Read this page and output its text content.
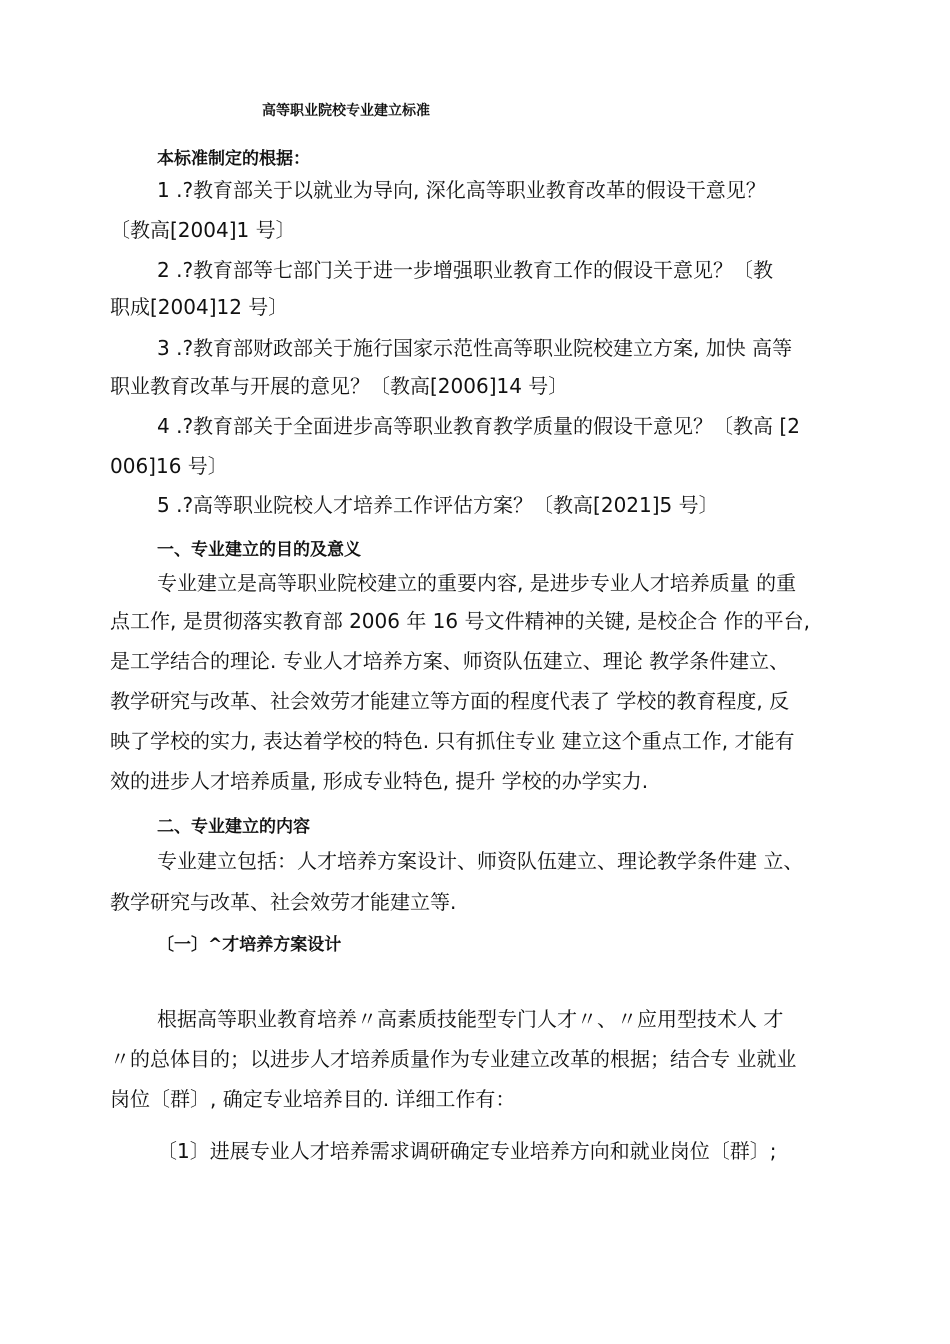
高等职业院校专业建立标准
本标准制定的根据：
1 .?教育部关于以就业为导向, 深化高等职业教育改革的假设干意见？
〔教高[2004]1 号〕
2 .?教育部等七部门关于进一步增强职业教育工作的假设干意见？〔教
职成[2004]12 号〕
3 .?教育部财政部关于施行国家示范性高等职业院校建立方案, 加快 高等
职业教育改革与开展的意见？〔教高[2006]14 号〕
4 .?教育部关于全面进步高等职业教育教学质量的假设干意见？〔教高 [2
006]16 号〕
5 .?高等职业院校人才培养工作评估方案？〔教高[2021]5 号〕
一、专业建立的目的及意义
专业建立是高等职业院校建立的重要内容, 是进步专业人才培养质量 的重
点工作, 是贯彻落实教育部 2006 年 16 号文件精神的关键, 是校企合 作的平台,
是工学结合的理论. 专业人才培养方案、师资队伍建立、理论 教学条件建立、
教学研究与改革、社会效劳才能建立等方面的程度代表了 学校的教育程度, 反
映了学校的实力, 表达着学校的特色. 只有抓住专业 建立这个重点工作, 才能有
效的进步人才培养质量, 形成专业特色, 提升 学校的办学实力.
二、专业建立的内容
专业建立包括：人才培养方案设计、师资队伍建立、理论教学条件建 立、
教学研究与改革、社会效劳才能建立等.
〔一〕^才培养方案设计
根据高等职业教育培养〃高素质技能型专门人才〃、〃应用型技术人 才
〃的总体目的；以进步人才培养质量作为专业建立改革的根据；结合专 业就业
岗位〔群〕, 确定专业培养目的. 详细工作有：
〔1〕进展专业人才培养需求调研确定专业培养方向和就业岗位〔群〕;
